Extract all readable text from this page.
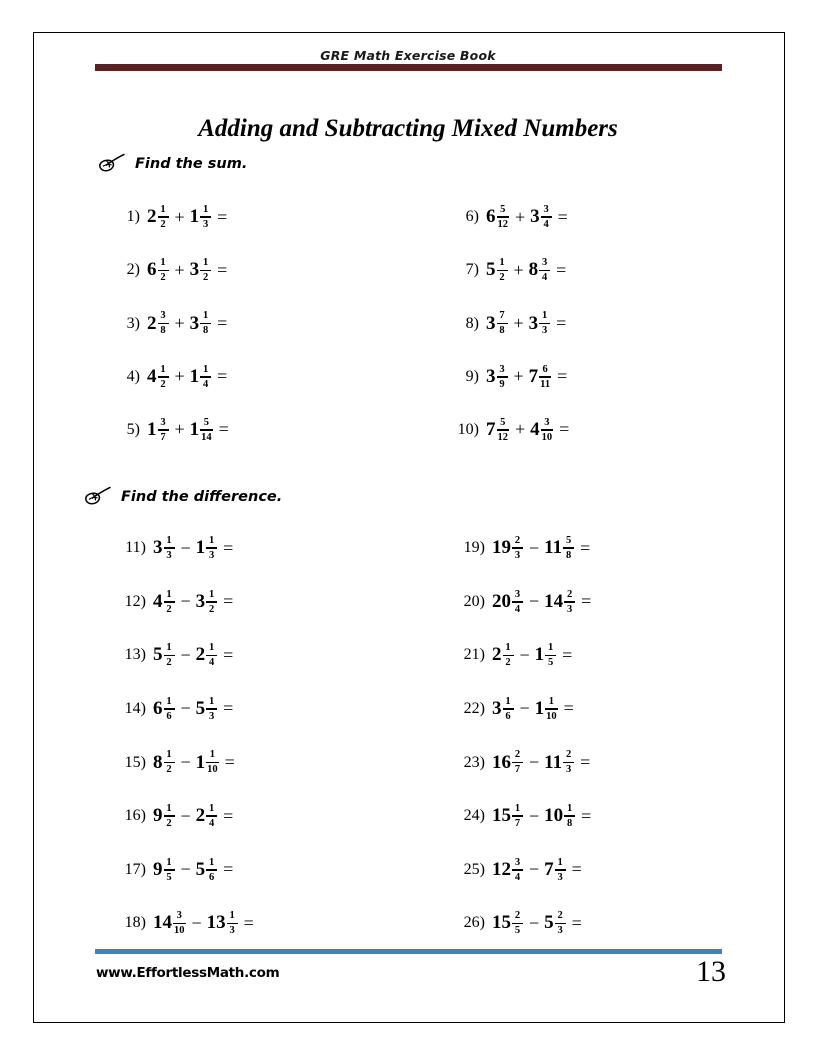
GRE Math Exercise Book
Adding and Subtracting Mixed Numbers
Find the sum.
Find the difference.
1) $2 \frac{1}{2} + 1 \frac{1}{3}$ =
2) $6 \frac{1}{2} + 3 \frac{1}{2}$ =
3) $2 \frac{3}{8} + 3 \frac{1}{8}$ =
4) $4 \frac{1}{2} + 1 \frac{1}{4}$ =
5) $1 \frac{3}{7} + 1 \frac{5}{14}$ =
6) $6 \frac{5}{12} + 3 \frac{3}{4}$ =
7) $5 \frac{1}{2} + 8 \frac{3}{4}$ =
8) $3 \frac{7}{8} + 3 \frac{1}{3}$ =
9) $3 \frac{3}{9} + 7 \frac{6}{11}$ =
10) $7 \frac{5}{12} + 4 \frac{3}{10}$ =
11) $3 \frac{1}{3} - 1 \frac{1}{3}$ =
12) $4 \frac{1}{2} - 3 \frac{1}{2}$ =
13) $5 \frac{1}{2} - 2 \frac{1}{4}$ =
14) $6 \frac{1}{6} - 5 \frac{1}{3}$ =
15) $8 \frac{1}{2} - 1 \frac{1}{10}$ =
16) $9 \frac{1}{2} - 2 \frac{1}{4}$ =
17) $9 \frac{1}{5} - 5 \frac{1}{6}$ =
18) $14 \frac{3}{10} - 13 \frac{1}{3}$ =
19) $19 \frac{2}{3} - 11 \frac{5}{8}$ =
20) $20 \frac{3}{4} - 14 \frac{2}{3}$ =
21) $2 \frac{1}{2} - 1 \frac{1}{5}$ =
22) $3 \frac{1}{6} - 1 \frac{1}{10}$ =
23) $16 \frac{2}{7} - 11 \frac{2}{3}$ =
24) $15 \frac{1}{7} - 10 \frac{1}{8}$ =
25) $12 \frac{3}{4} - 7 \frac{1}{3}$ =
26) $15 \frac{2}{5} - 5 \frac{2}{3}$ =
www.EffortlessMath.com	13
